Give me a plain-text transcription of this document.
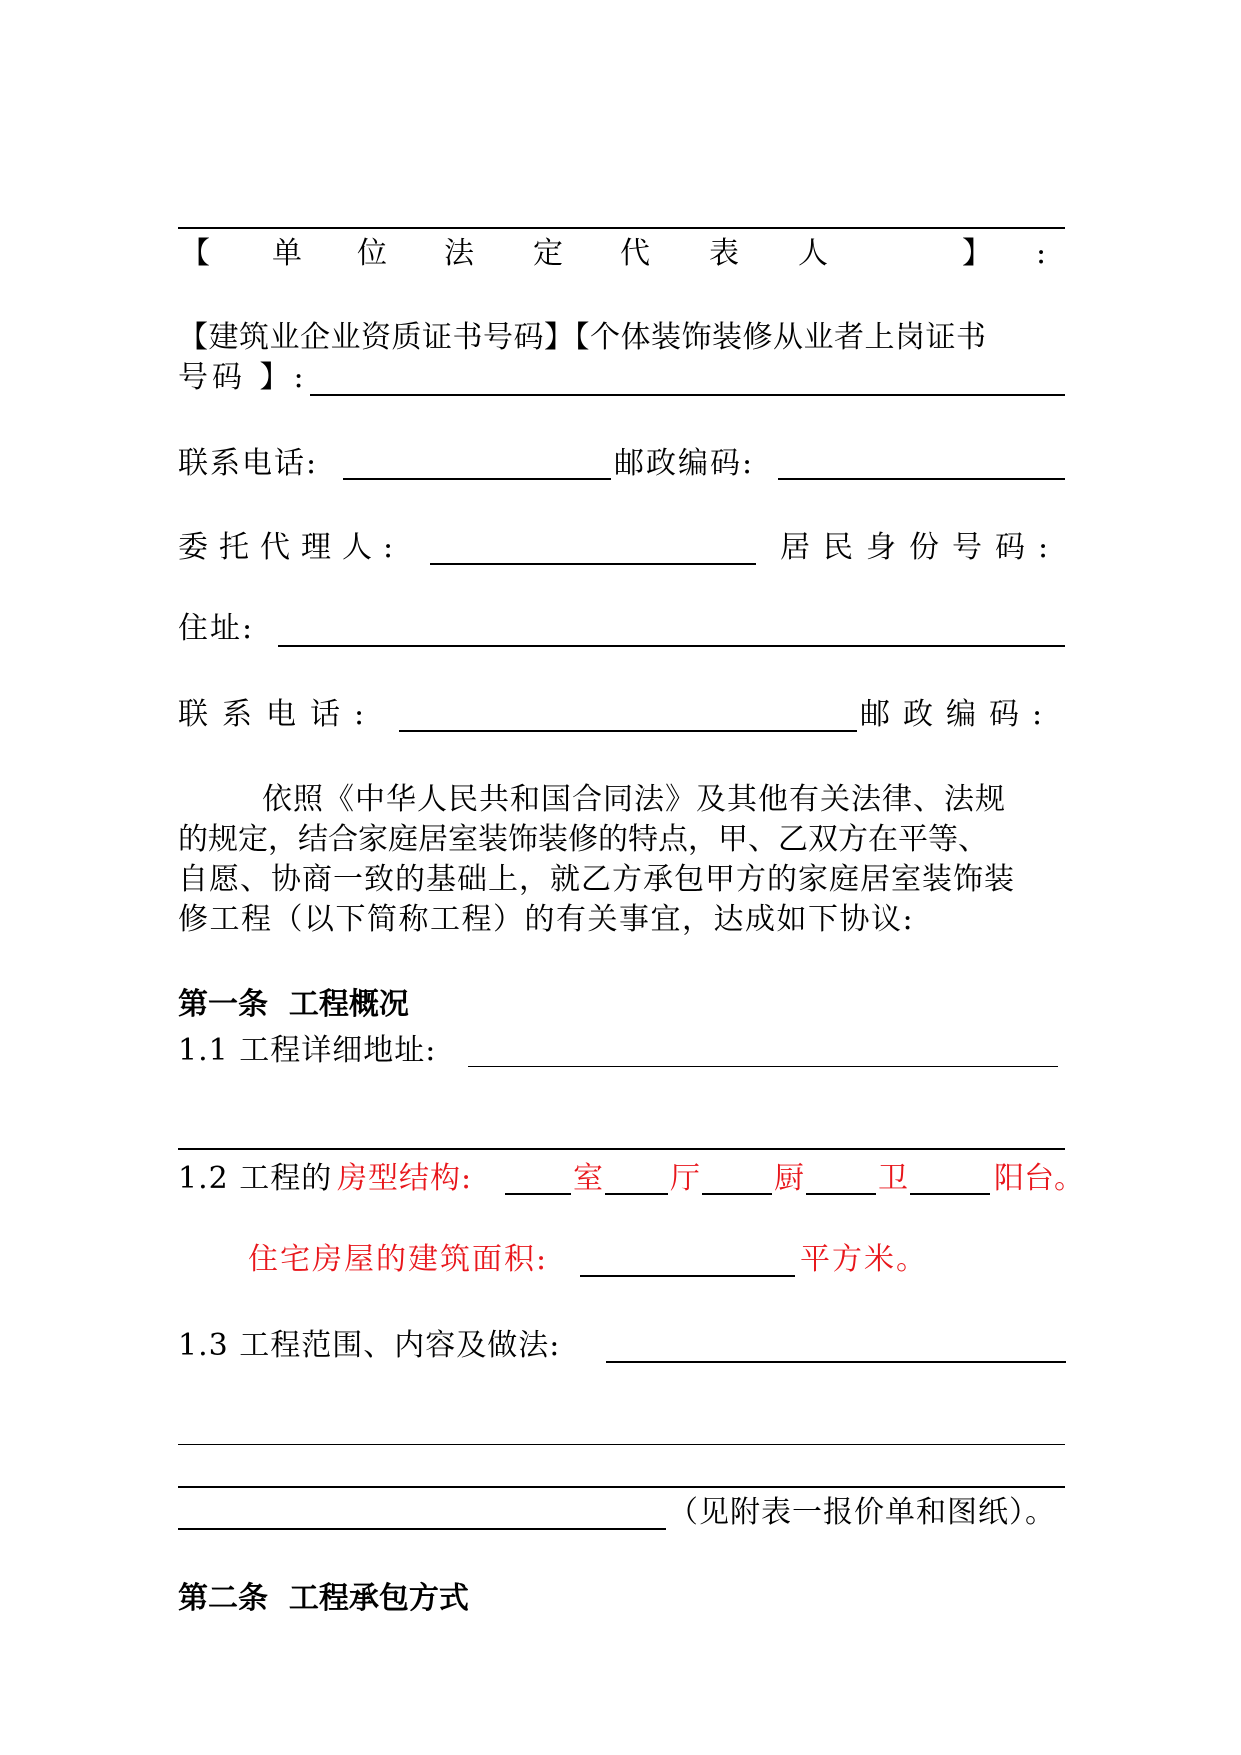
【 单 位 法 定 代 表 人	】 :
【建筑业企业资质证书号码】【个体装饰装修从业者上岗证书
号码 】:
联系电话:	邮政编码:
委托代理人:	居民身份号码:
住址:
联系电话:	邮政编码:
依照《中华人民共和国合同法》及其他有关法律、法规
的规定，结合家庭居室装饰装修的特点，甲、乙双方在平等、
自愿、协商一致的基础上，就乙方承包甲方的家庭居室装饰装
修工程（以下简称工程）的有关事宜，达成如下协议:
第一条  工程概况
1.1 工程详细地址:
1.2 工程的 房型结构:	室 厅 厨 卫	阳台。
住宅房屋的建筑面积:	平方米。
1.3 工程范围、内容及做法:
（见附表一报价单和图纸）。
第二条  工程承包方式
